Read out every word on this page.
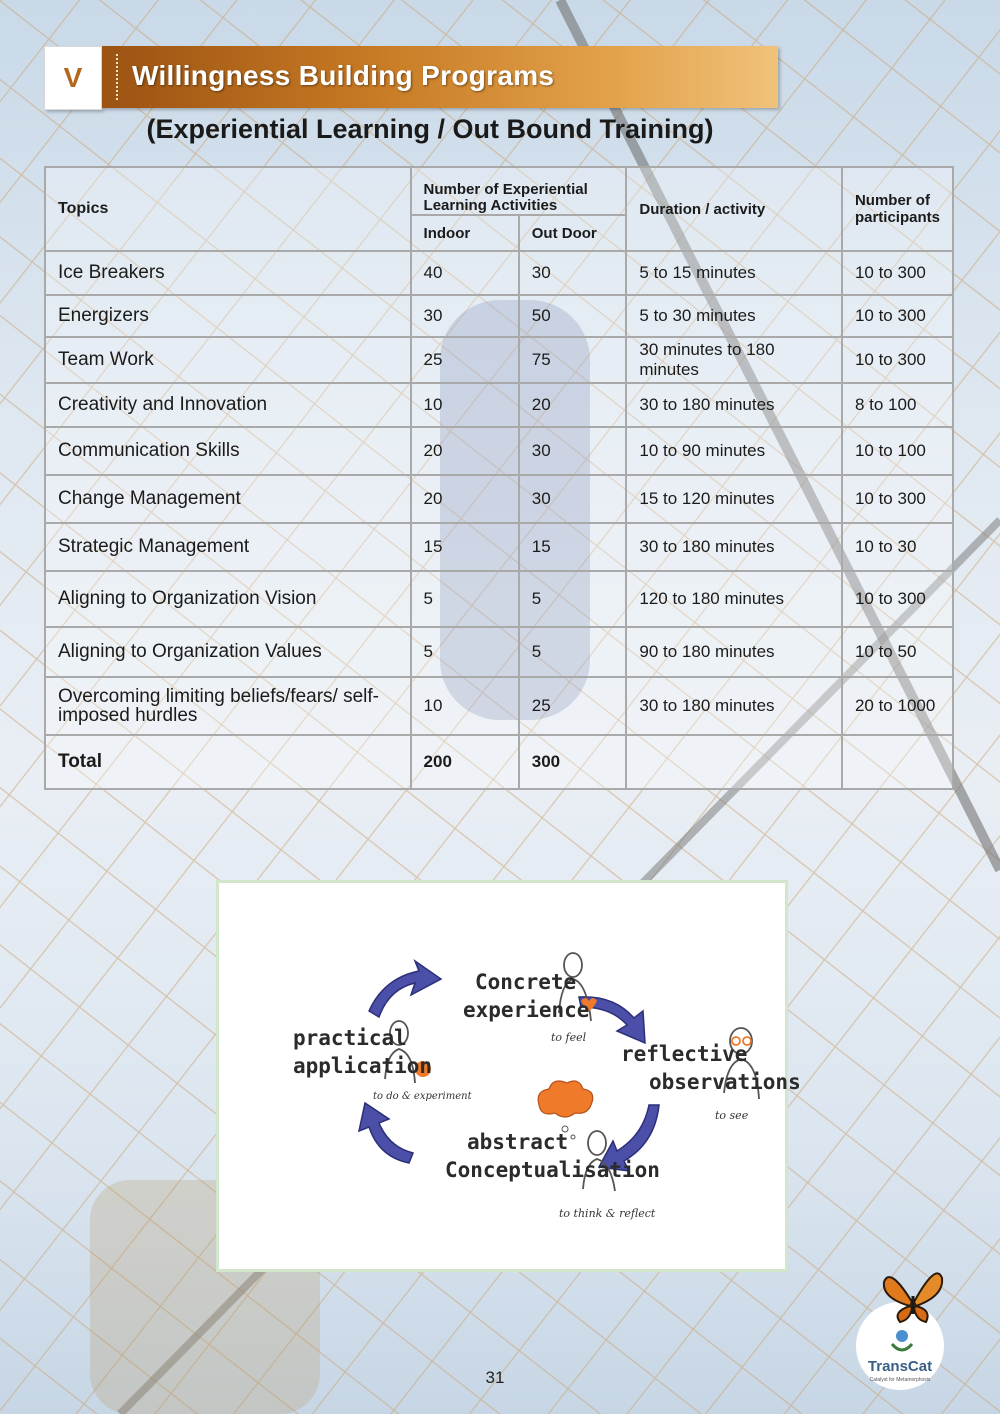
V	Willingness Building Programs
(Experiential Learning / Out Bound Training)
Topics	Number of Experiential Learning Activities		Duration / activity	Number of participants
	Indoor	Out Door		
Ice Breakers	40	30	5 to 15 minutes	10 to 300
Energizers	30	50	5 to 30 minutes	10 to 300
Team Work	25	75	30 minutes to 180 minutes	10 to 300
Creativity and Innovation	10	20	30 to 180 minutes	8 to 100
Communication Skills	20	30	10 to 90 minutes	10 to 100
Change Management	20	30	15 to 120 minutes	10 to 300
Strategic Management	15	15	30 to 180 minutes	10 to 30
Aligning to Organization Vision	5	5	120 to 180 minutes	10 to 300
Aligning to Organization Values	5	5	90 to 180 minutes	10 to 50
Overcoming limiting beliefs/fears/ self-imposed hurdles	10	25	30 to 180 minutes	20 to 1000
Total	200	300		
Concrete experience
to feel
reflective observations
to see
practical application
to do & experiment
abstract Conceptualisation
to think & reflect
31
TransCat
Catalyst for Metamorphosis
